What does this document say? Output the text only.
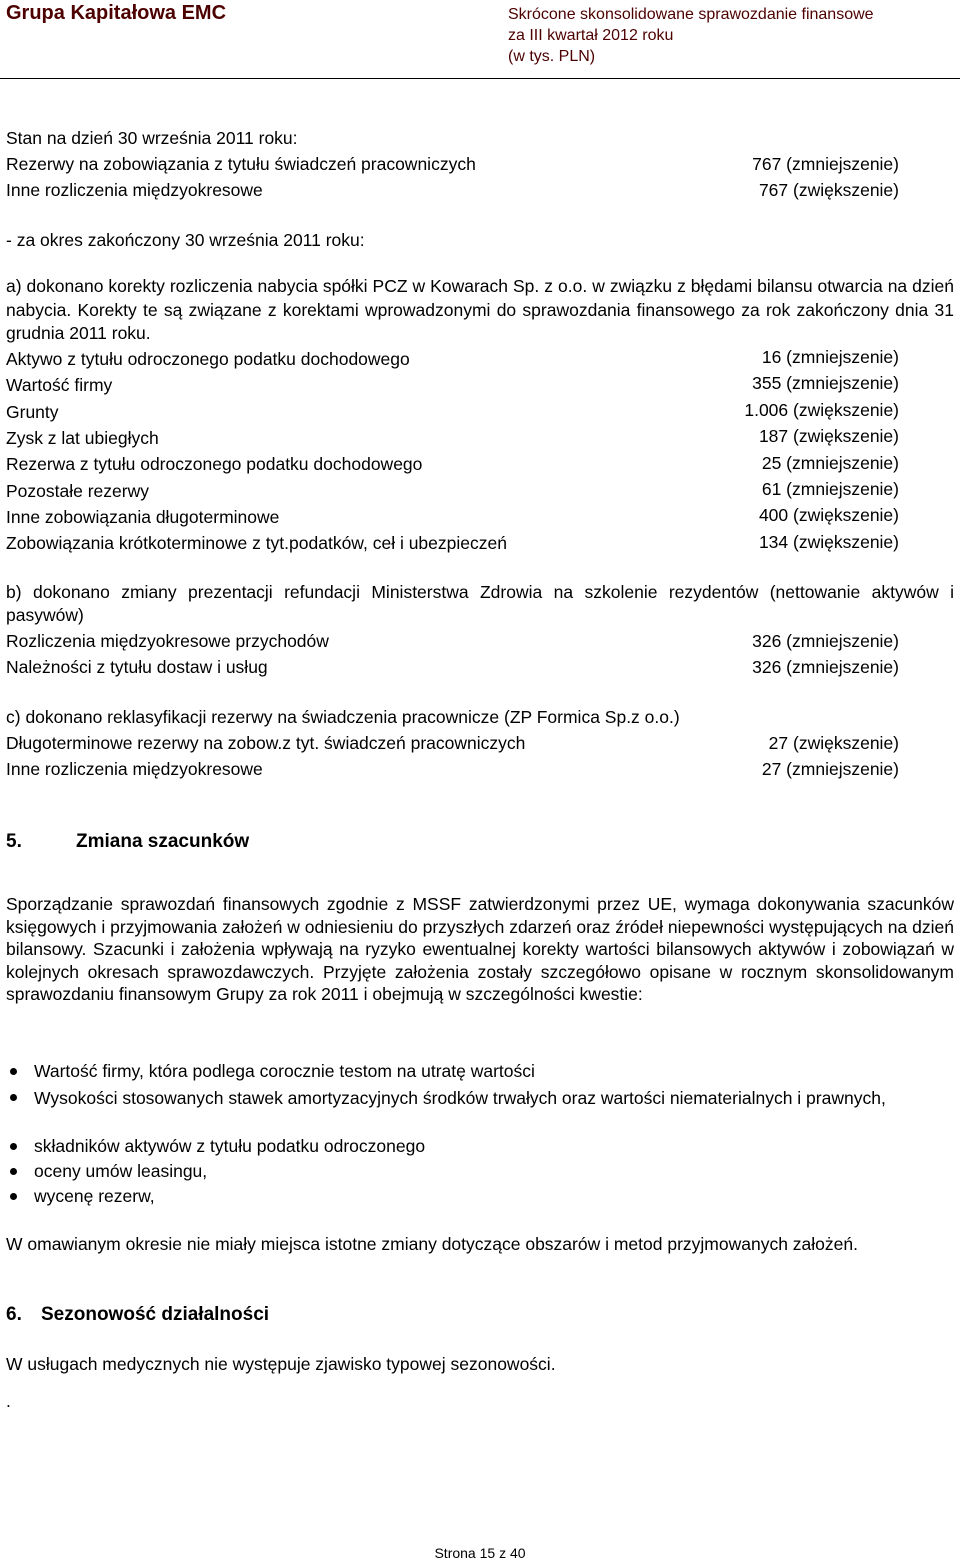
Grupa Kapitałowa EMC	Skrócone skonsolidowane sprawozdanie finansowe
za III kwartał 2012 roku
(w tys. PLN)
Stan na dzień 30 września 2011 roku:
Rezerwy na zobowiązania z tytułu świadczeń pracowniczych	767 (zmniejszenie)
Inne rozliczenia międzyokresowe	767 (zwiększenie)
- za okres zakończony 30 września 2011 roku:
a) dokonano korekty rozliczenia nabycia spółki PCZ w Kowarach Sp. z o.o. w związku z błędami bilansu otwarcia na dzień nabycia. Korekty te są związane z korektami wprowadzonymi do sprawozdania finansowego za rok zakończony dnia 31 grudnia 2011 roku.
Aktywo z tytułu odroczonego podatku dochodowego	16 (zmniejszenie)
Wartość firmy	355 (zmniejszenie)
Grunty	1.006 (zwiększenie)
Zysk z lat ubiegłych	187 (zwiększenie)
Rezerwa z tytułu odroczonego podatku dochodowego	25 (zmniejszenie)
Pozostałe rezerwy	61 (zmniejszenie)
Inne zobowiązania długoterminowe	400 (zwiększenie)
Zobowiązania krótkoterminowe z tyt.podatków, ceł i ubezpieczeń	134 (zwiększenie)
b) dokonano zmiany prezentacji refundacji Ministerstwa Zdrowia na szkolenie rezydentów (nettowanie aktywów i pasywów)
Rozliczenia międzyokresowe przychodów	326 (zmniejszenie)
Należności z tytułu dostaw i usług	326 (zmniejszenie)
c) dokonano reklasyfikacji rezerwy na świadczenia pracownicze (ZP Formica Sp.z o.o.)
Długoterminowe rezerwy na zobow.z tyt. świadczeń pracowniczych	27 (zwiększenie)
Inne rozliczenia międzyokresowe	27 (zmniejszenie)
5.	Zmiana szacunków
Sporządzanie sprawozdań finansowych zgodnie z MSSF zatwierdzonymi przez UE, wymaga dokonywania szacunków księgowych i przyjmowania założeń w odniesieniu do przyszłych zdarzeń oraz źródeł niepewności występujących na dzień bilansowy. Szacunki i założenia wpływają na ryzyko ewentualnej korekty wartości bilansowych aktywów i zobowiązań w kolejnych okresach sprawozdawczych. Przyjęte założenia zostały szczegółowo opisane w rocznym skonsolidowanym sprawozdaniu finansowym Grupy za rok 2011 i obejmują w szczególności kwestie:
Wartość firmy, która podlega corocznie testom na utratę wartości
Wysokości stosowanych stawek amortyzacyjnych środków trwałych oraz wartości niematerialnych i prawnych,
składników aktywów z tytułu podatku odroczonego
oceny umów leasingu,
wycenę rezerw,
W omawianym okresie nie miały miejsca istotne zmiany dotyczące obszarów i metod przyjmowanych założeń.
6. Sezonowość działalności
W usługach medycznych nie występuje zjawisko typowej sezonowości.
.
Strona 15 z 40
